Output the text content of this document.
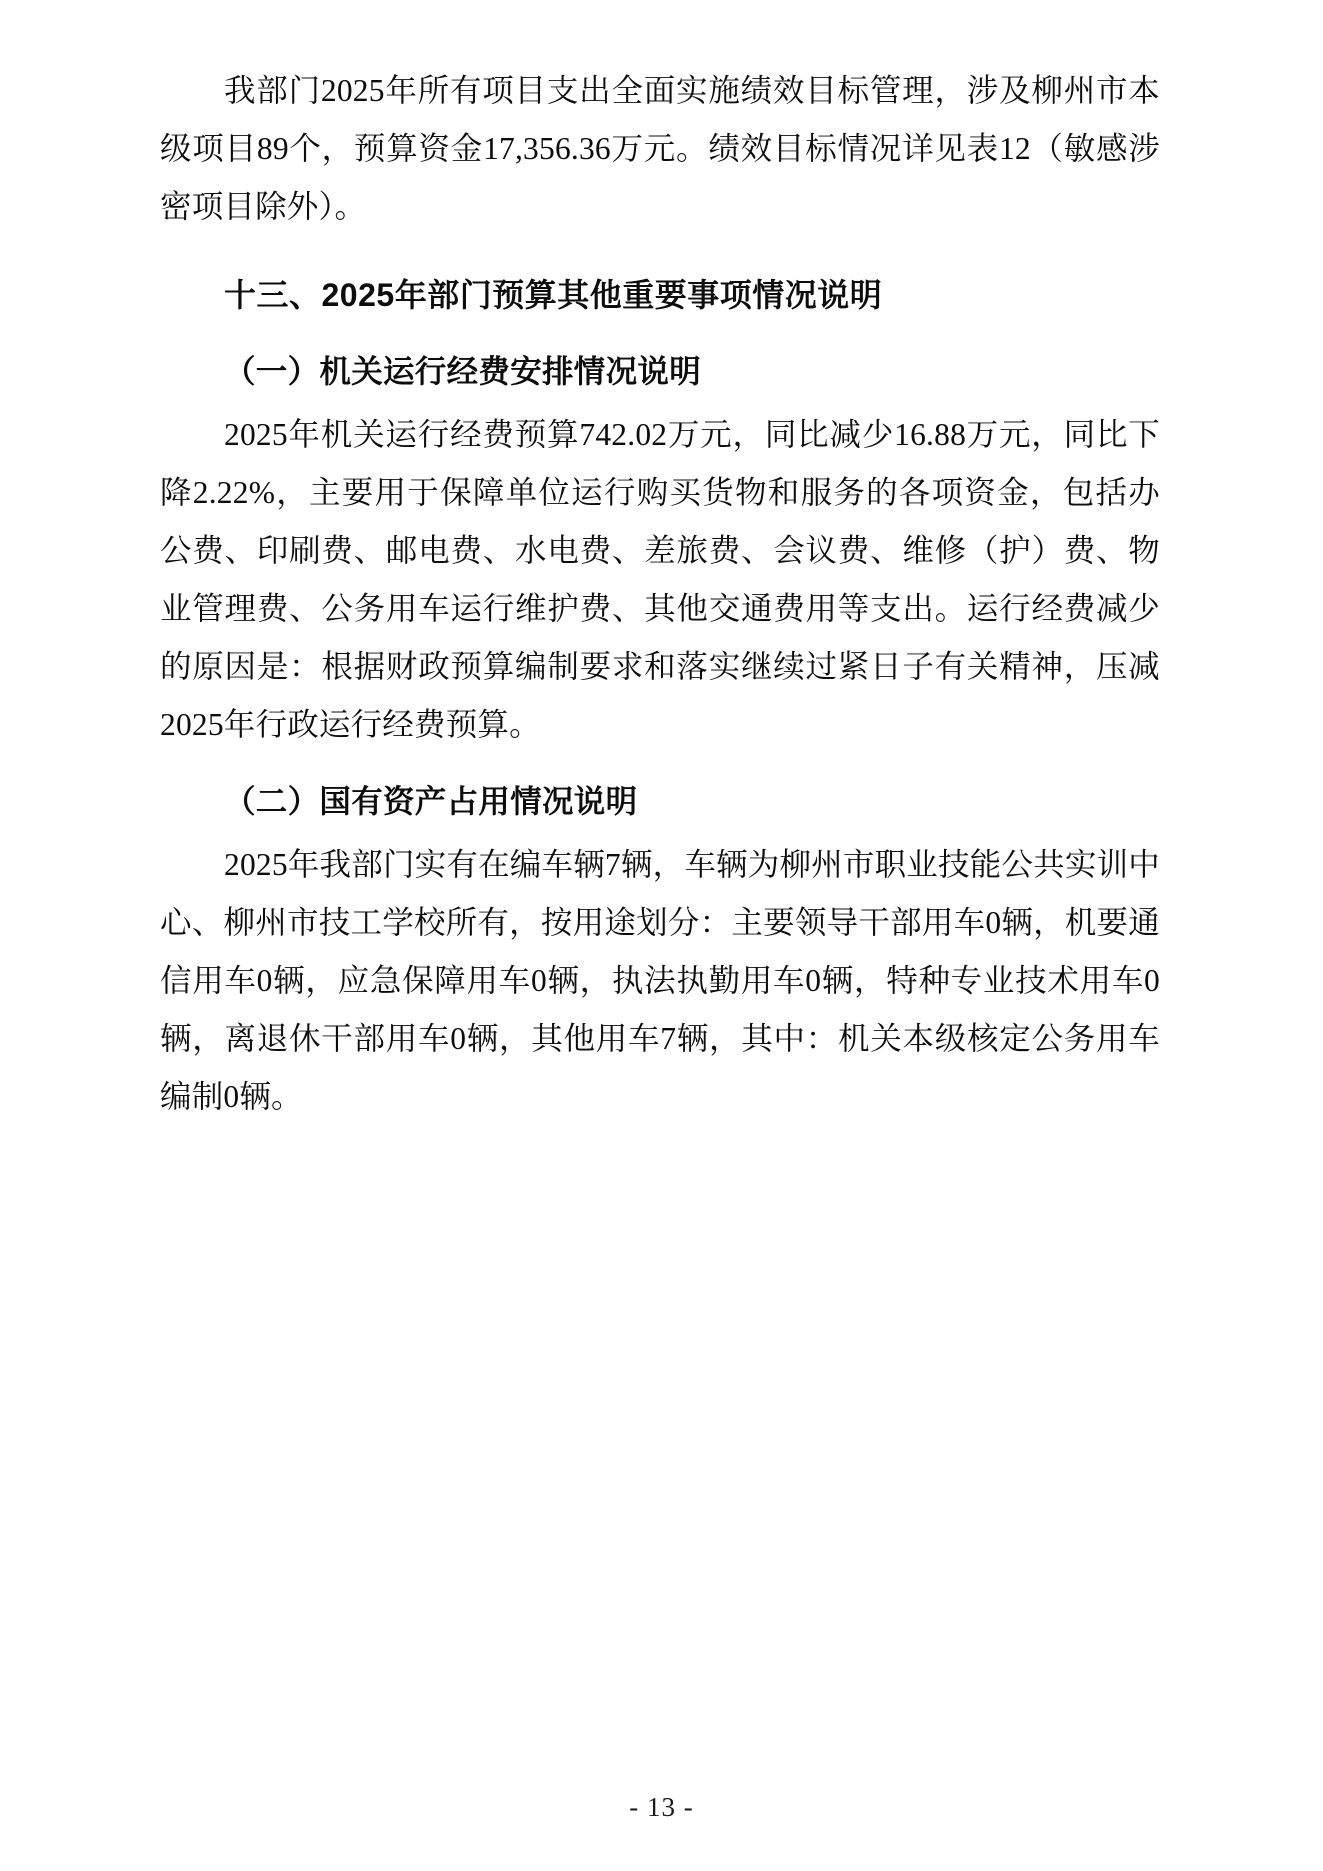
我部门2025年所有项目支出全面实施绩效目标管理，涉及柳州市本级项目89个，预算资金17,356.36万元。绩效目标情况详见表12（敏感涉密项目除外）。

十三、2025年部门预算其他重要事项情况说明
（一）机关运行经费安排情况说明

2025年机关运行经费预算742.02万元，同比减少16.88万元，同比下降2.22%，主要用于保障单位运行购买货物和服务的各项资金，包括办公费、印刷费、邮电费、水电费、差旅费、会议费、维修（护）费、物业管理费、公务用车运行维护费、其他交通费用等支出。运行经费减少的原因是：根据财政预算编制要求和落实继续过紧日子有关精神，压减2025年行政运行经费预算。

（二）国有资产占用情况说明

2025年我部门实有在编车辆7辆，车辆为柳州市职业技能公共实训中心、柳州市技工学校所有，按用途划分：主要领导干部用车0辆，机要通信用车0辆，应急保障用车0辆，执法执勤用车0辆，特种专业技术用车0辆，离退休干部用车0辆，其他用车7辆，其中：机关本级核定公务用车编制0辆。

- 13 -
